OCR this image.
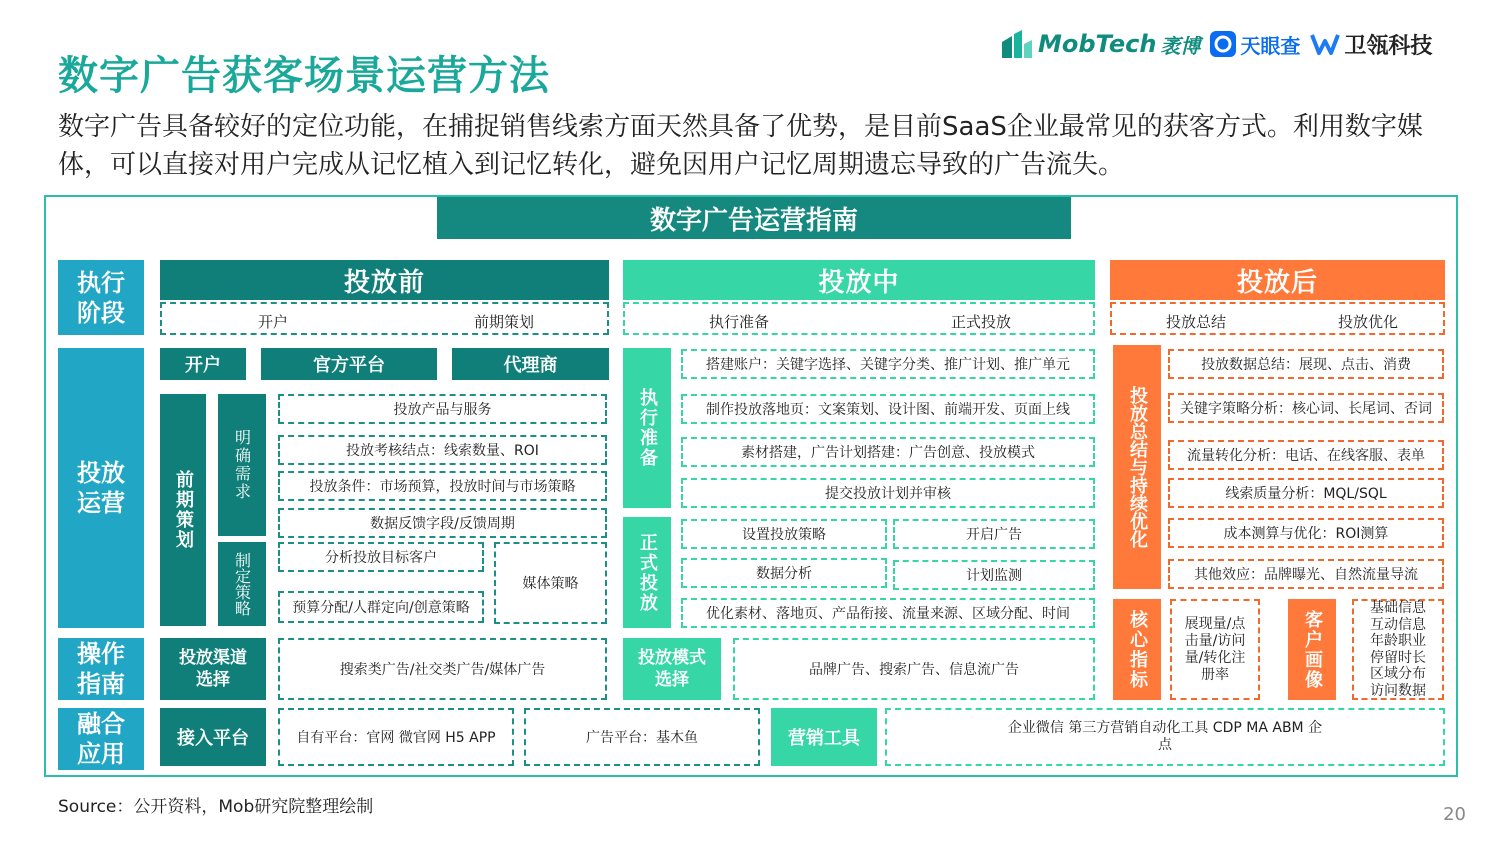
数字广告获客场景运营方法
数字广告具备较好的定位功能，在捕捉销售线索方面天然具备了优势，是目前SaaS企业最常见的获客方式。利用数字媒体，可以直接对用户完成从记忆植入到记忆转化，避免因用户记忆周期遗忘导致的广告流失。
MobTech 袤博 天眼查 卫瓴科技
数字广告运营指南
执行阶段
投放运营
操作指南
融合应用
投放前
开户	前期策划
开户	官方平台	代理商
前期策划
明确需求
制定策略
投放产品与服务
投放考核结点：线索数量、ROI
投放条件：市场预算，投放时间与市场策略
数据反馈字段/反馈周期
分析投放目标客户
预算分配/人群定向/创意策略
媒体策略
投放渠道选择	搜索类广告/社交类广告/媒体广告
接入平台	自有平台：官网 微官网 H5 APP	广告平台：基木鱼
投放中
执行准备	正式投放
执行准备
正式投放
搭建账户：关键字选择、关键字分类、推广计划、推广单元
制作投放落地页：文案策划、设计图、前端开发、页面上线
素材搭建，广告计划搭建：广告创意、投放模式
提交投放计划并审核
设置投放策略	开启广告
数据分析	计划监测
优化素材、落地页、产品衔接、流量来源、区域分配、时间
投放模式选择	品牌广告、搜索广告、信息流广告
营销工具	企业微信 第三方营销自动化工具 CDP MA ABM 企点
投放后
投放总结	投放优化
投放总结与持续优化
投放数据总结：展现、点击、消费
关键字策略分析：核心词、长尾词、否词
流量转化分析：电话、在线客服、表单
线索质量分析：MQL/SQL
成本测算与优化：ROI测算
其他效应：品牌曝光、自然流量导流
核心指标	展现量/点击量/访问量/转化注册率	客户画像
基础信息 互动信息 年龄职业 停留时长 区域分布 访问数据
Source：公开资料，Mob研究院整理绘制	20
